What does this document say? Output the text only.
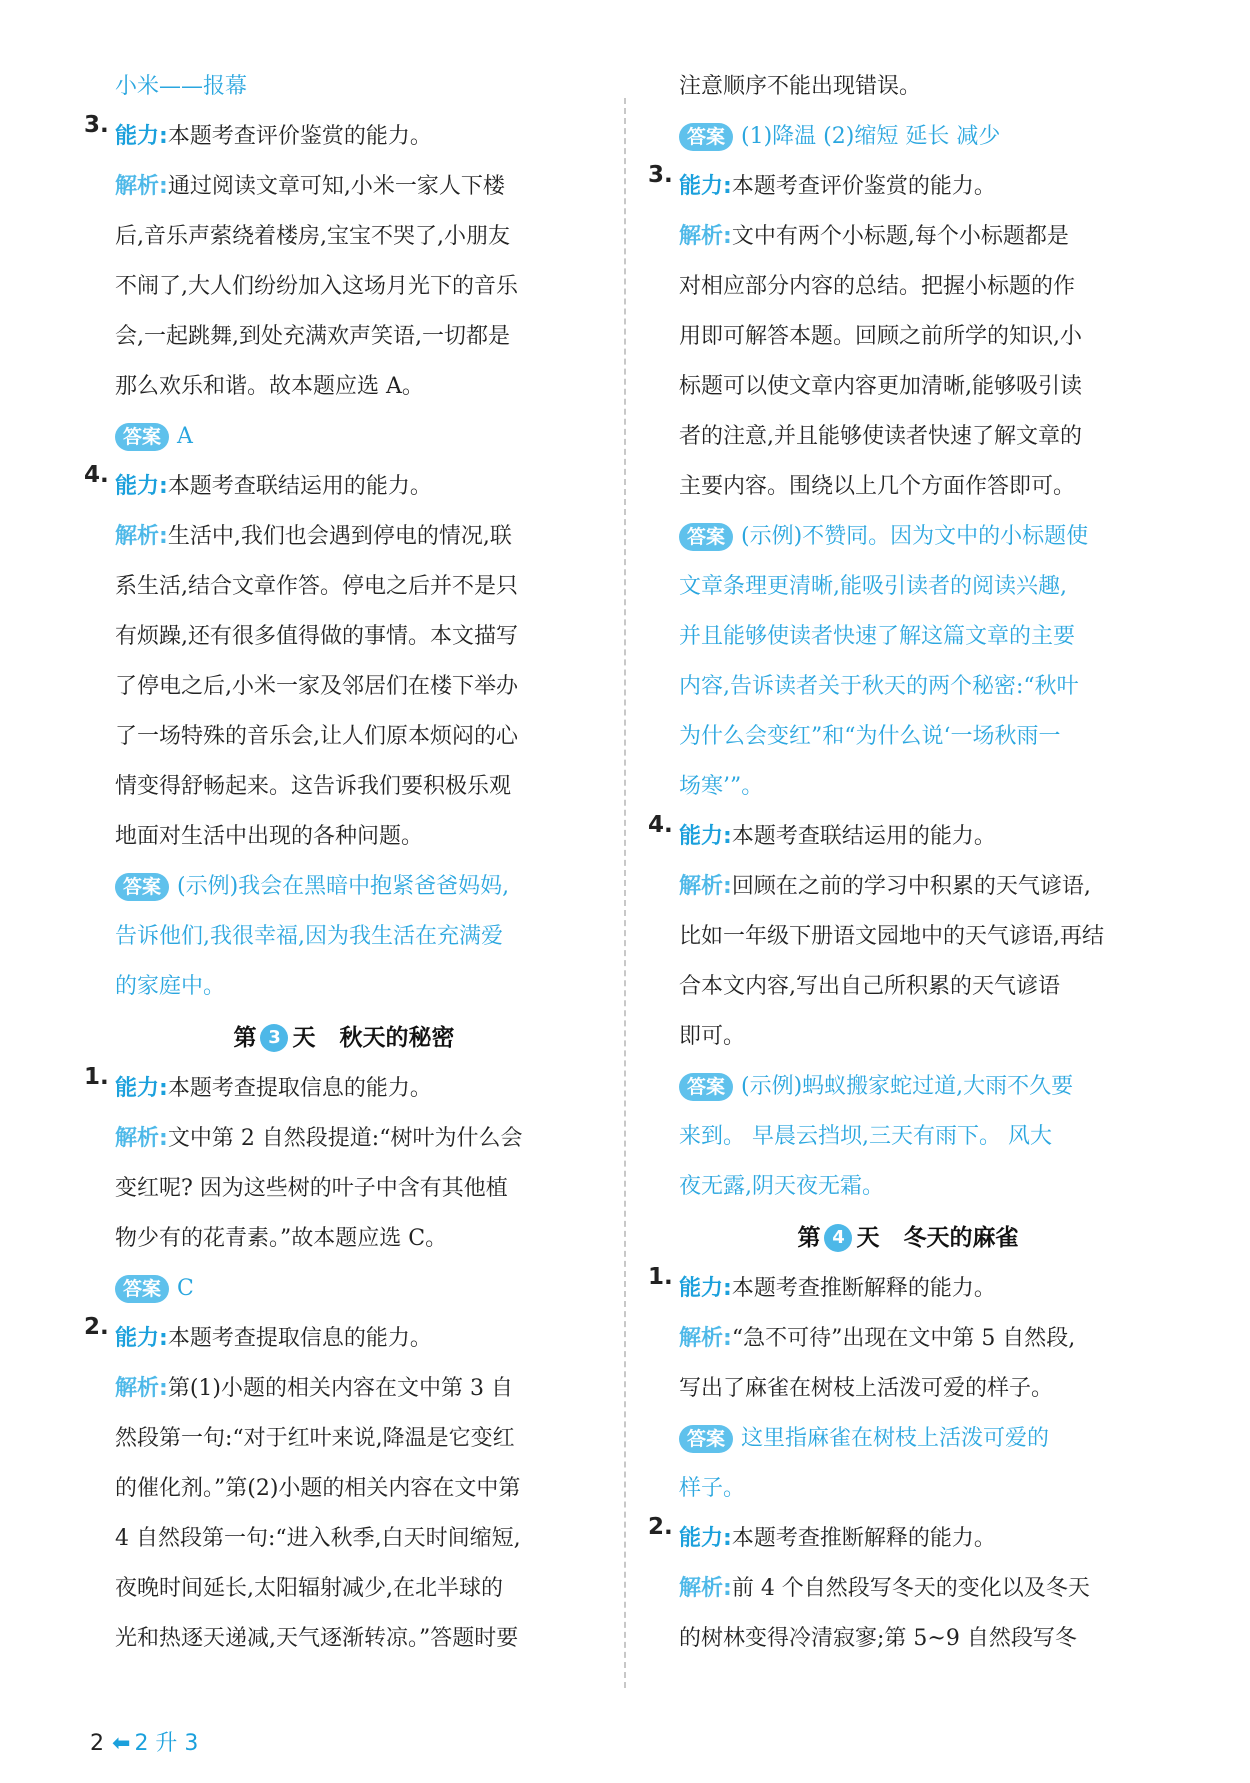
小米——报幕
3. 能力:本题考查评价鉴赏的能力。
解析:通过阅读文章可知,小米一家人下楼
后,音乐声萦绕着楼房,宝宝不哭了,小朋友
不闹了,大人们纷纷加入这场月光下的音乐
会,一起跳舞,到处充满欢声笑语,一切都是
那么欢乐和谐。故本题应选 A。
答案 A
4. 能力:本题考查联结运用的能力。
解析:生活中,我们也会遇到停电的情况,联
系生活,结合文章作答。停电之后并不是只
有烦躁,还有很多值得做的事情。本文描写
了停电之后,小米一家及邻居们在楼下举办
了一场特殊的音乐会,让人们原本烦闷的心
情变得舒畅起来。这告诉我们要积极乐观
地面对生活中出现的各种问题。
答案 (示例)我会在黑暗中抱紧爸爸妈妈,
告诉他们,我很幸福,因为我生活在充满爱
的家庭中。
第 3 天 秋天的秘密
1. 能力:本题考查提取信息的能力。
解析:文中第 2 自然段提道:“树叶为什么会
变红呢? 因为这些树的叶子中含有其他植
物少有的花青素。”故本题应选 C。
答案 C
2. 能力:本题考查提取信息的能力。
解析:第(1)小题的相关内容在文中第 3 自
然段第一句:“对于红叶来说,降温是它变红
的催化剂。”第(2)小题的相关内容在文中第
4 自然段第一句:“进入秋季,白天时间缩短,
夜晚时间延长,太阳辐射减少,在北半球的
光和热逐天递减,天气逐渐转凉。”答题时要
注意顺序不能出现错误。
答案 (1)降温 (2)缩短 延长 减少
3. 能力:本题考查评价鉴赏的能力。
解析:文中有两个小标题,每个小标题都是
对相应部分内容的总结。把握小标题的作
用即可解答本题。回顾之前所学的知识,小
标题可以使文章内容更加清晰,能够吸引读
者的注意,并且能够使读者快速了解文章的
主要内容。围绕以上几个方面作答即可。
答案 (示例)不赞同。因为文中的小标题使
文章条理更清晰,能吸引读者的阅读兴趣,
并且能够使读者快速了解这篇文章的主要
内容,告诉读者关于秋天的两个秘密:“秋叶
为什么会变红”和“为什么说‘一场秋雨一
场寒’”。
4. 能力:本题考查联结运用的能力。
解析:回顾在之前的学习中积累的天气谚语,
比如一年级下册语文园地中的天气谚语,再结
合本文内容,写出自己所积累的天气谚语
即可。
答案 (示例)蚂蚁搬家蛇过道,大雨不久要
来到。 早晨云挡坝,三天有雨下。 风大
夜无露,阴天夜无霜。
第 4 天 冬天的麻雀
1. 能力:本题考查推断解释的能力。
解析:“急不可待”出现在文中第 5 自然段,
写出了麻雀在树枝上活泼可爱的样子。
答案 这里指麻雀在树枝上活泼可爱的
样子。
2. 能力:本题考查推断解释的能力。
解析:前 4 个自然段写冬天的变化以及冬天
的树林变得冷清寂寥;第 5~9 自然段写冬
2 ⬅ 2 升 3
